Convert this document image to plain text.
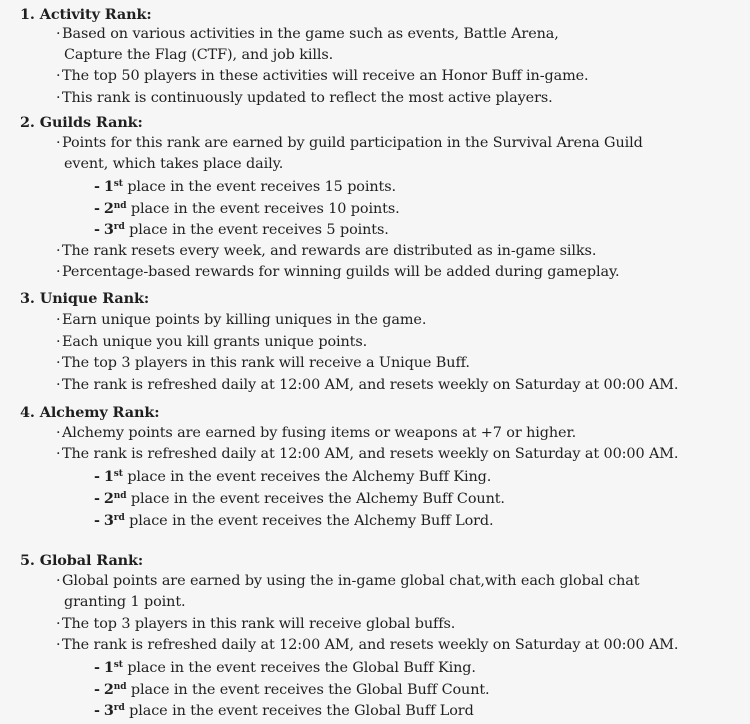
1. Activity Rank:
· Based on various activities in the game such as events, Battle Arena,
Capture the Flag (CTF), and job kills.
· The top 50 players in these activities will receive an Honor Buff in-game.
· This rank is continuously updated to reflect the most active players.
2. Guilds Rank:
· Points for this rank are earned by guild participation in the Survival Arena Guild
event, which takes place daily.
- 1st place in the event receives 15 points.
- 2nd place in the event receives 10 points.
- 3rd place in the event receives 5 points.
· The rank resets every week, and rewards are distributed as in-game silks.
· Percentage-based rewards for winning guilds will be added during gameplay.
3. Unique Rank:
· Earn unique points by killing uniques in the game.
· Each unique you kill grants unique points.
· The top 3 players in this rank will receive a Unique Buff.
· The rank is refreshed daily at 12:00 AM, and resets weekly on Saturday at 00:00 AM.
4. Alchemy Rank:
· Alchemy points are earned by fusing items or weapons at +7 or higher.
· The rank is refreshed daily at 12:00 AM, and resets weekly on Saturday at 00:00 AM.
- 1st place in the event receives the Alchemy Buff King.
- 2nd place in the event receives the Alchemy Buff Count.
- 3rd place in the event receives the Alchemy Buff Lord.
5. Global Rank:
· Global points are earned by using the in-game global chat,with each global chat
granting 1 point.
· The top 3 players in this rank will receive global buffs.
· The rank is refreshed daily at 12:00 AM, and resets weekly on Saturday at 00:00 AM.
- 1st place in the event receives the Global Buff King.
- 2nd place in the event receives the Global Buff Count.
- 3rd place in the event receives the Global Buff Lord
